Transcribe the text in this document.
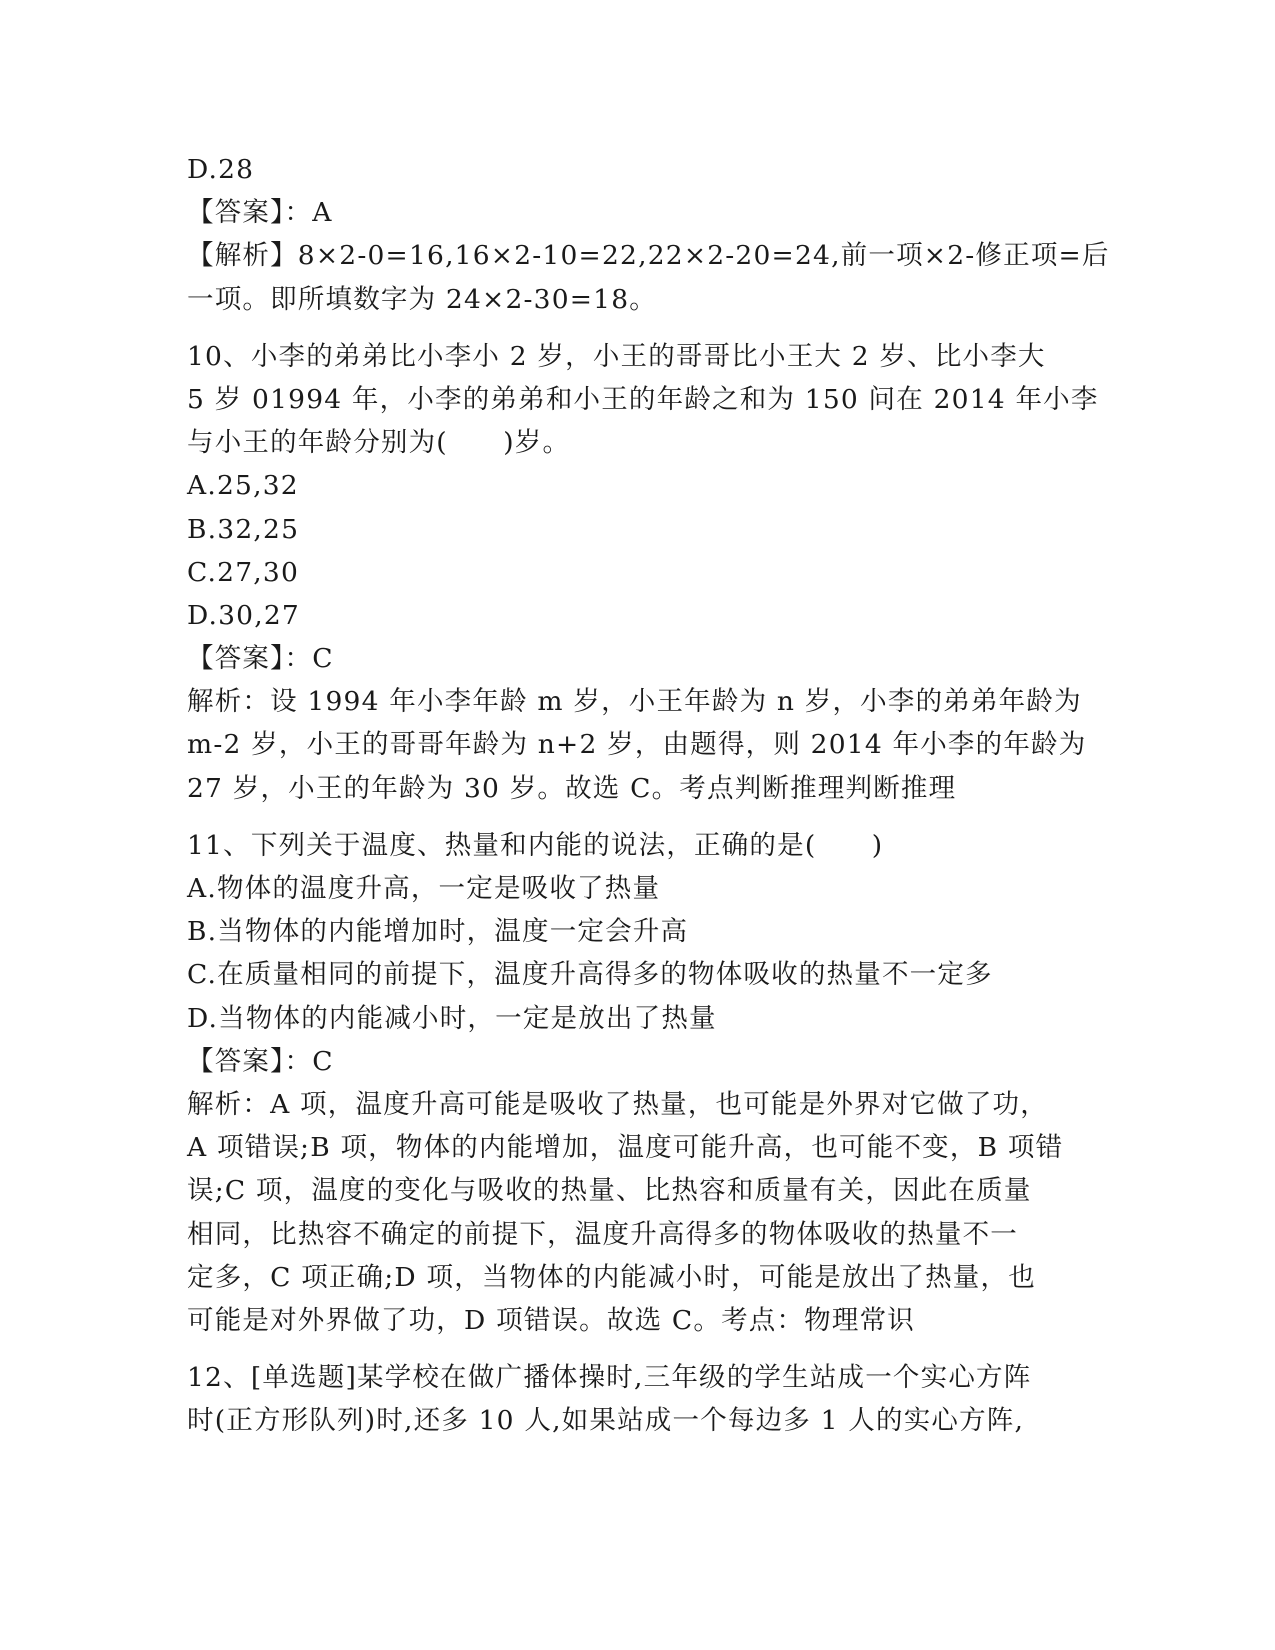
D.28
【答案】：A
【解析】8×2-0=16,16×2-10=22,22×2-20=24,前一项×2-修正项=后
一项。即所填数字为 24×2-30=18。
10、小李的弟弟比小李小 2 岁，小王的哥哥比小王大 2 岁、比小李大
5 岁 01994 年，小李的弟弟和小王的年龄之和为 150 问在 2014 年小李
与小王的年龄分别为(　　)岁。
A.25,32
B.32,25
C.27,30
D.30,27
【答案】：C
解析：设 1994 年小李年龄 m 岁，小王年龄为 n 岁，小李的弟弟年龄为
m-2 岁，小王的哥哥年龄为 n+2 岁，由题得，则 2014 年小李的年龄为
27 岁，小王的年龄为 30 岁。故选 C。考点判断推理判断推理
11、下列关于温度、热量和内能的说法，正确的是(　　)
A.物体的温度升高，一定是吸收了热量
B.当物体的内能增加时，温度一定会升高
C.在质量相同的前提下，温度升高得多的物体吸收的热量不一定多
D.当物体的内能减小时，一定是放出了热量
【答案】：C
解析：A 项，温度升高可能是吸收了热量，也可能是外界对它做了功，
A 项错误;B 项，物体的内能增加，温度可能升高，也可能不变，B 项错
误;C 项，温度的变化与吸收的热量、比热容和质量有关，因此在质量
相同，比热容不确定的前提下，温度升高得多的物体吸收的热量不一
定多，C 项正确;D 项，当物体的内能减小时，可能是放出了热量，也
可能是对外界做了功，D 项错误。故选 C。考点：物理常识
12、[单选题]某学校在做广播体操时,三年级的学生站成一个实心方阵
时(正方形队列)时,还多 10 人,如果站成一个每边多 1 人的实心方阵,
